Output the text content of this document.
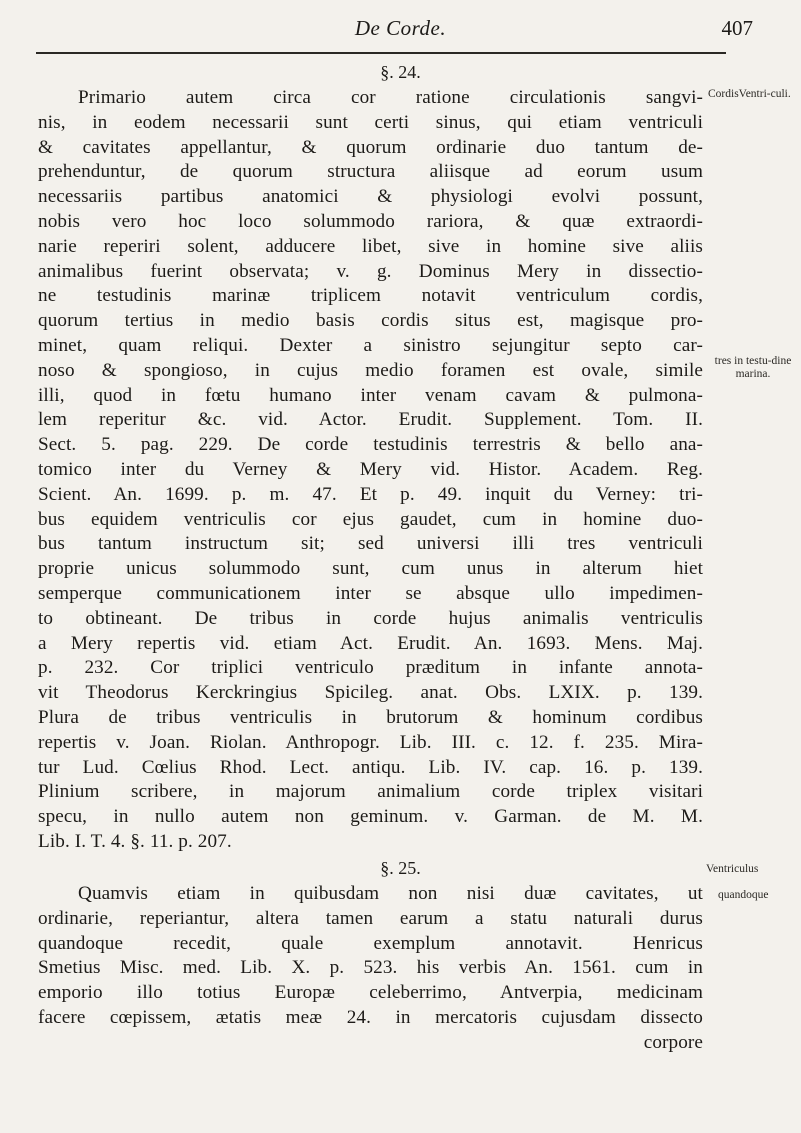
De Corde.	407
§. 24.
Primario autem circa cor ratione circulationis sangvi-
nis, in eodem necessarii sunt certi sinus, qui etiam ventriculi
& cavitates appellantur, & quorum ordinarie duo tantum de-
prehenduntur, de quorum structura aliisque ad eorum usum
necessariis partibus anatomici & physiologi evolvi possunt,
nobis vero hoc loco solummodo rariora, & quæ extraordi-
narie reperiri solent, adducere libet, sive in homine sive aliis
animalibus fuerint observata; v. g. Dominus Mery in dissectio-
ne testudinis marinæ triplicem notavit ventriculum cordis,
quorum tertius in medio basis cordis situs est, magisque pro-
minet, quam reliqui. Dexter a sinistro sejungitur septo car-
noso & spongioso, in cujus medio foramen est ovale, simile
illi, quod in fœtu humano inter venam cavam & pulmona-
lem reperitur &c. vid. Actor. Erudit. Supplement. Tom. II.
Sect. 5. pag. 229. De corde testudinis terrestris & bello ana-
tomico inter du Verney & Mery vid. Histor. Academ. Reg.
Scient. An. 1699. p. m. 47. Et p. 49. inquit du Verney: tri-
bus equidem ventriculis cor ejus gaudet, cum in homine duo-
bus tantum instructum sit; sed universi illi tres ventriculi
proprie unicus solummodo sunt, cum unus in alterum hiet
semperque communicationem inter se absque ullo impedimen-
to obtineant. De tribus in corde hujus animalis ventriculis
a Mery repertis vid. etiam Act. Erudit. An. 1693. Mens. Maj.
p. 232. Cor triplici ventriculo præditum in infante annota-
vit Theodorus Kerckringius Spicileg. anat. Obs. LXIX. p. 139.
Plura de tribus ventriculis in brutorum & hominum cordibus
repertis v. Joan. Riolan. Anthropogr. Lib. III. c. 12. f. 235. Mira-
tur Lud. Cœlius Rhod. Lect. antiqu. Lib. IV. cap. 16. p. 139.
Plinium scribere, in majorum animalium corde triplex visitari
specu, in nullo autem non geminum. v. Garman. de M. M.
Lib. I. T. 4. §. 11. p. 207.
§. 25.
Quamvis etiam in quibusdam non nisi duæ cavitates, ut
ordinarie, reperiantur, altera tamen earum a statu naturali durus
quandoque recedit, quale exemplum annotavit. Henricus
Smetius Misc. med. Lib. X. p. 523. his verbis An. 1561. cum in
emporio illo totius Europæ celeberrimo, Antverpia, medicinam
facere cœpissem, ætatis meæ 24. in mercatoris cujusdam dissecto
corpore
CordisVentri-culi.
tres in testu-dine marina.
Ventriculus
quandoque
